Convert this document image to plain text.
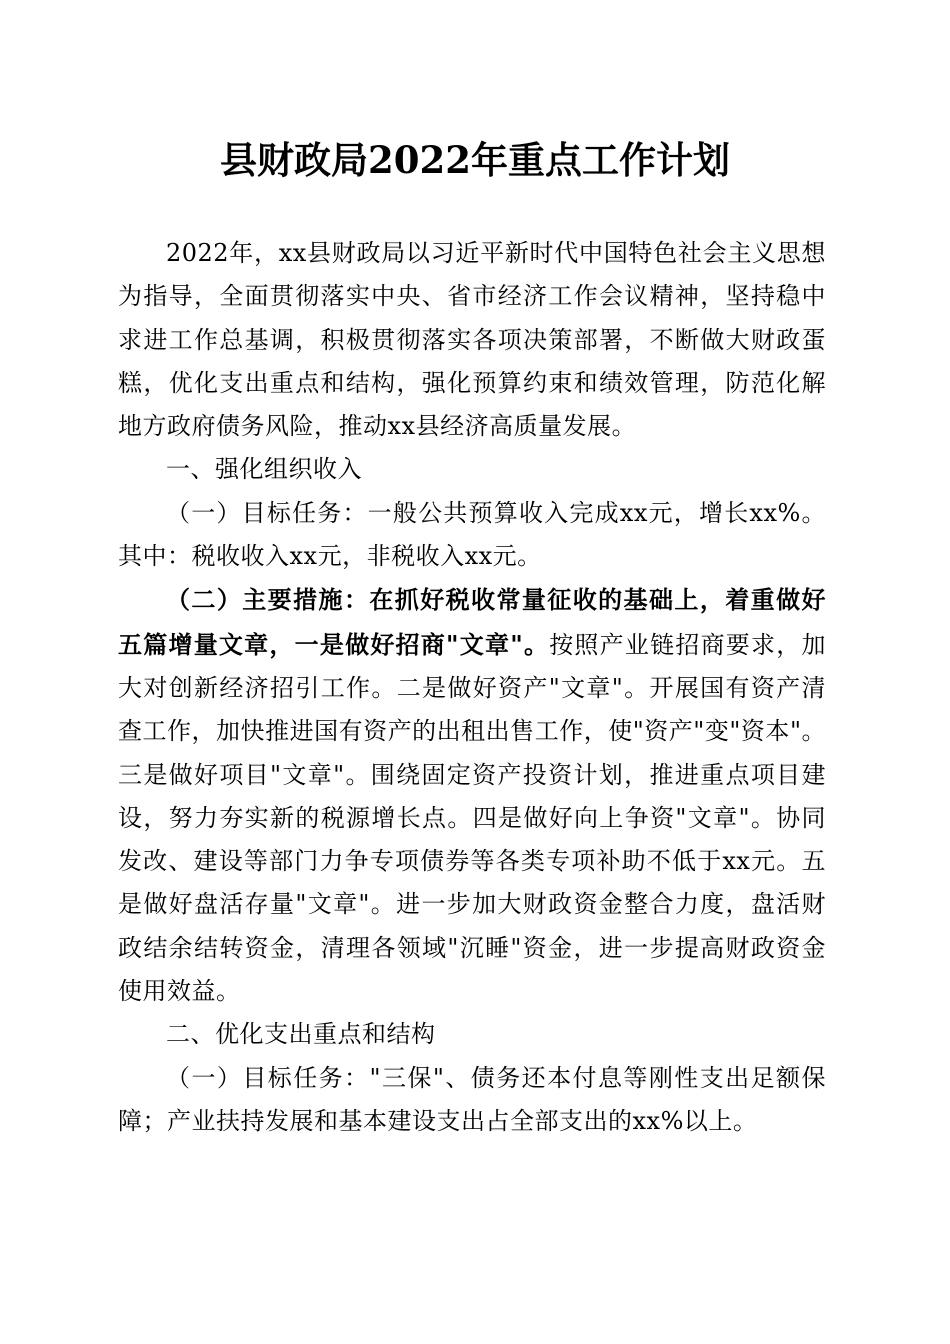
县财政局2022年重点工作计划

2022年，xx县财政局以习近平新时代中国特色社会主义思想为指导，全面贯彻落实中央、省市经济工作会议精神，坚持稳中求进工作总基调，积极贯彻落实各项决策部署，不断做大财政蛋糕，优化支出重点和结构，强化预算约束和绩效管理，防范化解地方政府债务风险，推动xx县经济高质量发展。

一、强化组织收入

（一）目标任务：一般公共预算收入完成xx元，增长xx%。其中：税收收入xx元，非税收入xx元。

（二）主要措施：在抓好税收常量征收的基础上，着重做好五篇增量文章，一是做好招商"文章"。按照产业链招商要求，加大对创新经济招引工作。二是做好资产"文章"。开展国有资产清查工作，加快推进国有资产的出租出售工作，使"资产"变"资本"。三是做好项目"文章"。围绕固定资产投资计划，推进重点项目建设，努力夯实新的税源增长点。四是做好向上争资"文章"。协同发改、建设等部门力争专项债券等各类专项补助不低于xx元。五是做好盘活存量"文章"。进一步加大财政资金整合力度，盘活财政结余结转资金，清理各领域"沉睡"资金，进一步提高财政资金使用效益。

二、优化支出重点和结构

（一）目标任务："三保"、债务还本付息等刚性支出足额保障；产业扶持发展和基本建设支出占全部支出的xx%以上。
